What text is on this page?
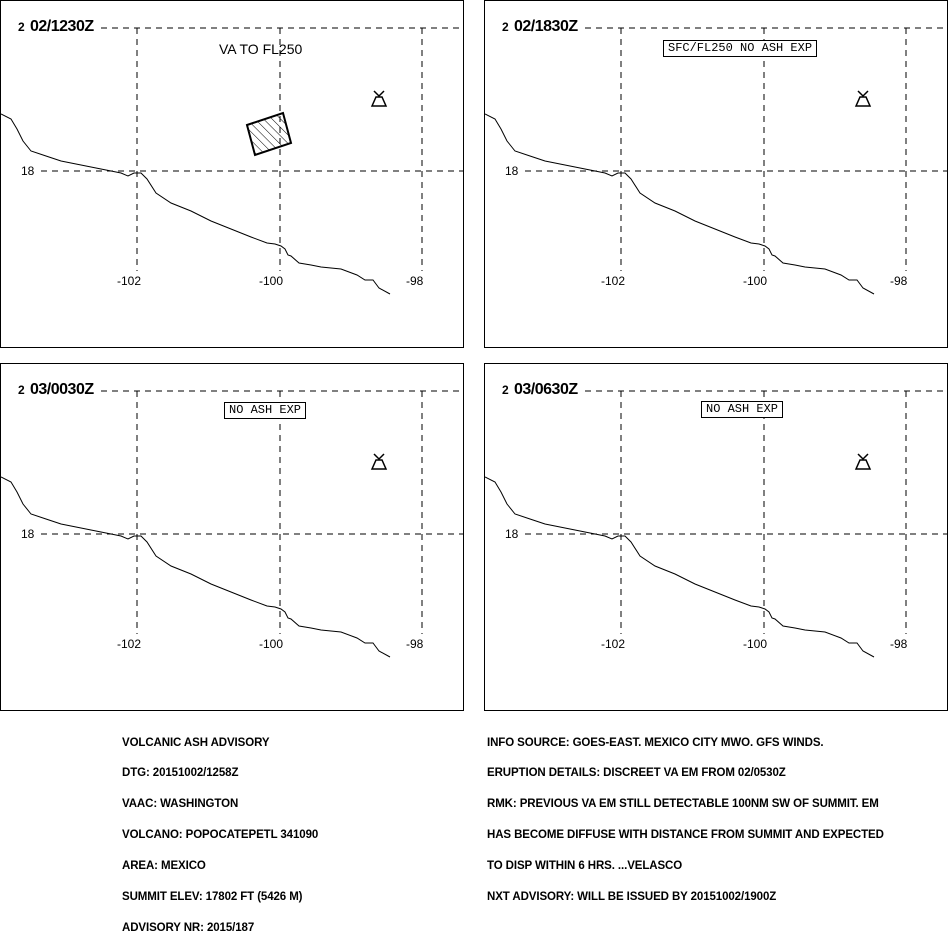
2 02/1230Z
VA TO FL250
18
-102	-100	-98
2 02/1830Z
SFC/FL250 NO ASH EXP
18
-102	-100	-98
2 03/0030Z
NO ASH EXP
18
-102	-100	-98
2 03/0630Z
NO ASH EXP
18
-102	-100	-98

VOLCANIC ASH ADVISORY

DTG: 20151002/1258Z

VAAC: WASHINGTON

VOLCANO: POPOCATEPETL 341090

AREA: MEXICO

SUMMIT ELEV: 17802 FT (5426 M)

ADVISORY NR: 2015/187

INFO SOURCE: GOES-EAST. MEXICO CITY MWO. GFS WINDS.

ERUPTION DETAILS: DISCREET VA EM FROM 02/0530Z

RMK: PREVIOUS VA EM STILL DETECTABLE 100NM SW OF SUMMIT. EM

HAS BECOME DIFFUSE WITH DISTANCE FROM SUMMIT AND EXPECTED

TO DISP WITHIN 6 HRS. ...VELASCO

NXT ADVISORY: WILL BE ISSUED BY 20151002/1900Z
